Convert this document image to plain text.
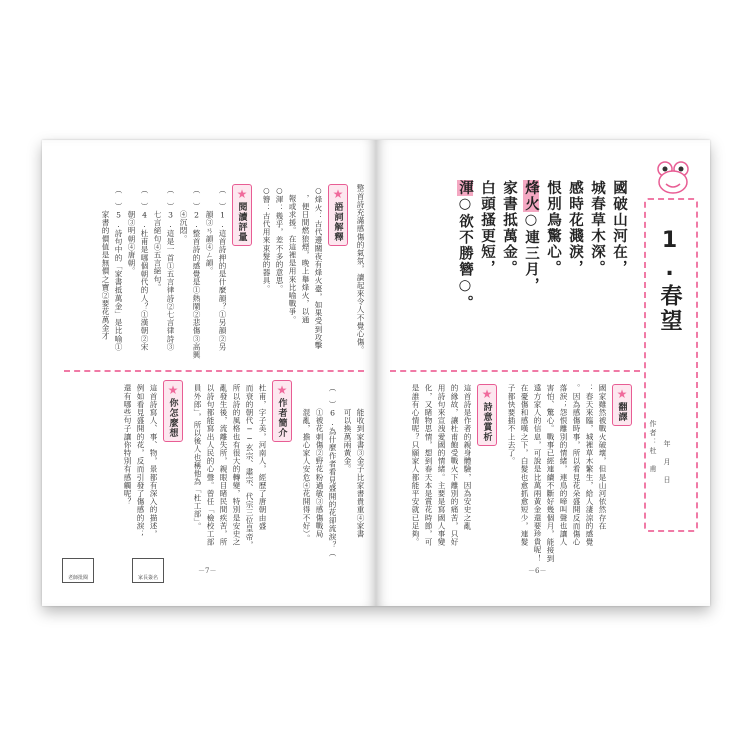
整首詩充滿感傷的氣氛，讀起來令人不覺心傷。
★
語詞解釋
○烽火：古代邊關夜有烽火臺，如果受到攻擊
　，便日間燃狼煙，晚上舉烽火，以通
　報或求援。在這裡是用來比喻戰爭。
○渾：幾乎，差不多的意思。
○簪：古代用來束髮的器具。
★
閱讀評量
（　）1.這首詩押的是什麼韻？①另韻②另
　　　韻③ㄢ韻④ㄥ韻。
（　）2.整首詩的感覺是①熱鬧②悲傷③高興
　　　④沉悶。
（　）3.這是一首①五言律詩②七言律詩③
　　　七言絕句④五言絕句。
（　）4.杜甫是哪個朝代的人？①漢朝②宋
　　　朝③明朝④唐朝。
（　）5.詩句中的「家書抵萬金」是比喻①
　　　家書的價值是無價之寶②要花萬金才
　　　能收到家書③金子比家書貴重④家書
　　　可以換萬兩黃金。
（　）6.為什麼作者看見盛開的花卻流淚？（
　　　①被花刺傷②野花粉過敏③感傷戰局
　　　混亂，擔心家人安危④花開得不好）。
★
作者簡介
杜甫，字子美，河南人，經歷了唐朝由盛
而衰的朝代──玄宗、肅宗、代宗三位皇帝，
所以詩的風格也有很大的轉變，特別是安史之
亂發生後，流離失所，親眼目睹民間疾苦，所
以詩句都能寫出人民的心聲。曾任「檢校工部
員外郎」，所以後人也稱他為「杜工部」。
★
你怎麼想
這首詩寫人、事、物，景都有深入的描述，
例如看見盛開的花，反而引發了傷感的淚；
還有哪些句子讓你特別有感觸呢？
老師批閱	家長簽名
－7－
1.春望
作者：杜　甫 年　月　日
國破山河在，
城春草木深。
感時花濺淚，
恨別鳥驚心。
烽火○連三月，
家書抵萬金。
白頭搔更短，
渾○欲不勝簪○。
★
翻譯
國家雖然被戰火破壞，但是山河依然存在
：春天來臨，城裡草木繁生，給人淒涼的感覺
。因為感傷時事，所以看見花朵盛開反而傷心
落淚；怨恨離別的情緒，連鳥的啼叫聲也讓人
害怕、驚心。戰事已經連續不斷好幾個月，能接到
遠方家人的信息，可說是比萬兩黃金還要珍貴呢！
在憂傷和感嘆之下，白髮也愈抓愈短少，連髮
子都快要插不上去了。
★
詩意賞析
這首詩是作者的親身體驗，因為安史之亂
的緣故，讓杜甫飽受戰火下離別的痛苦，只好
用詩句來宣洩愛國的情緒。主要是寫國人事變
化，又睹物思情，想到春天本是賞花時節，可
是誰有心情呢？只願家人都能平安就已足夠。
－6－
